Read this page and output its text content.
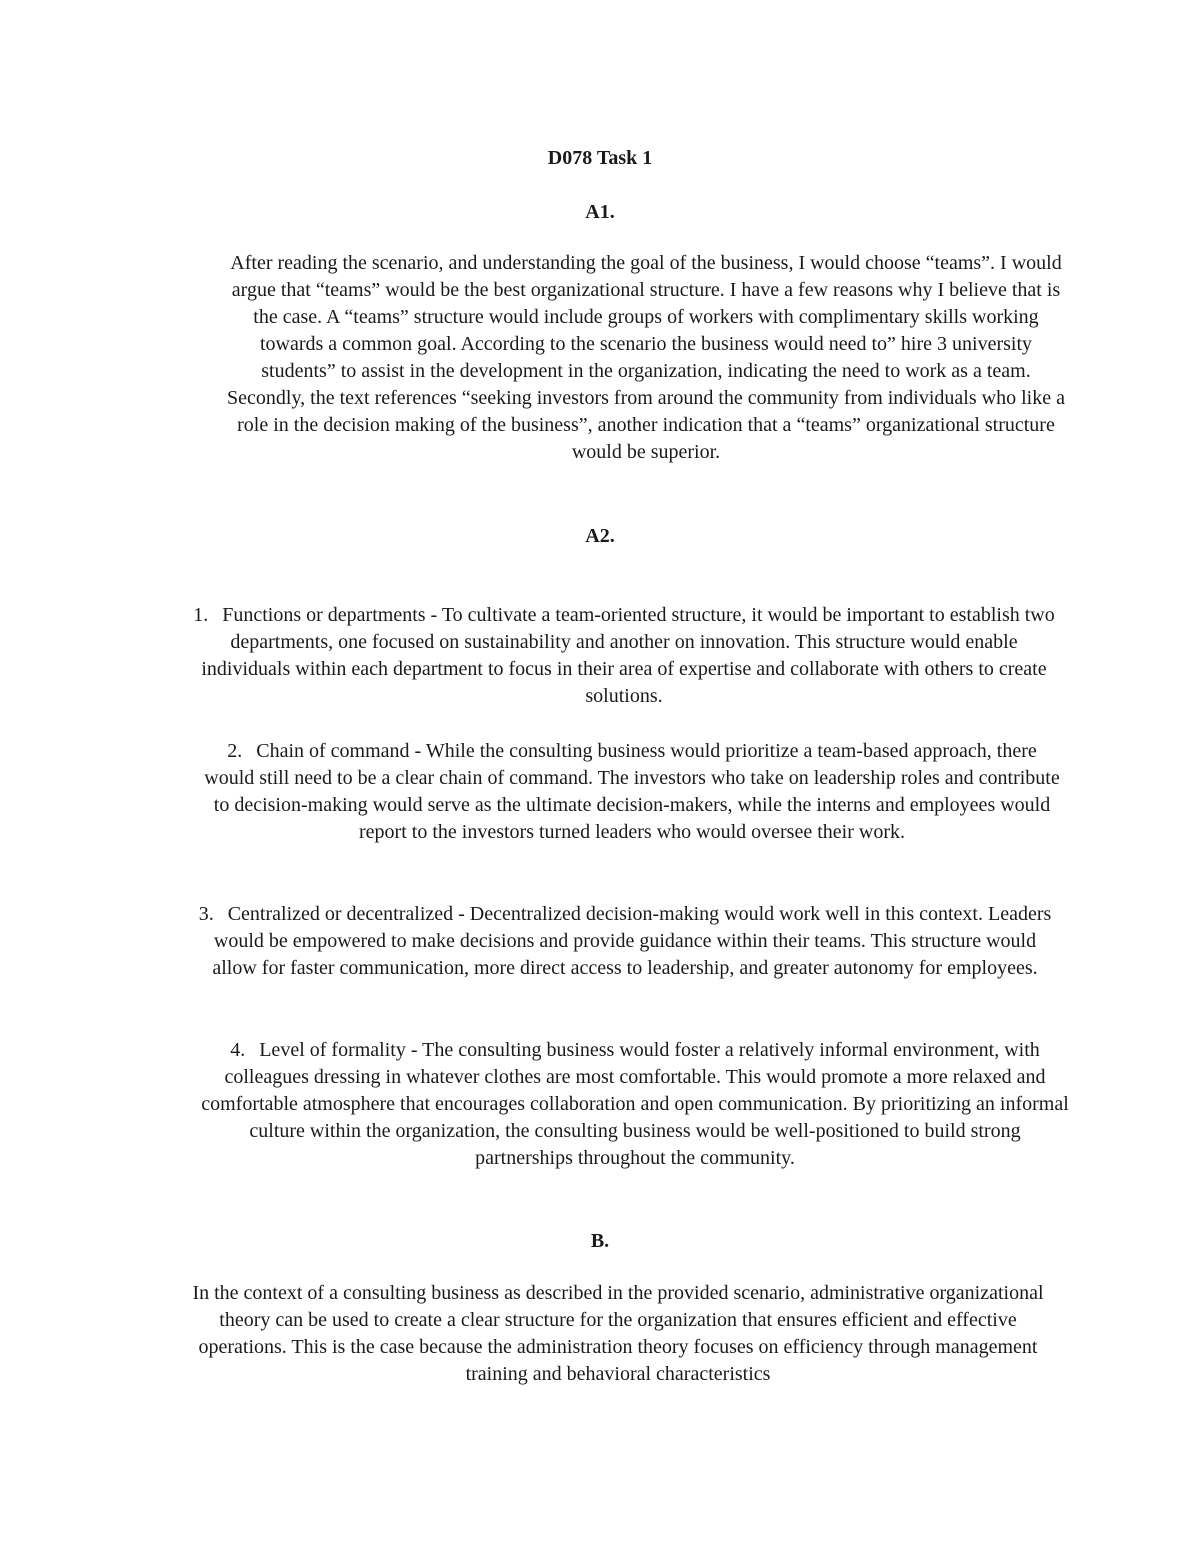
D078 Task 1
A1.

After reading the scenario, and understanding the goal of the business, I would choose “teams”. I would argue that “teams” would be the best organizational structure. I have a few reasons why I believe that is the case. A “teams” structure would include groups of workers with complimentary skills working towards a common goal. According to the scenario the business would need to” hire 3 university students” to assist in the development in the organization, indicating the need to work as a team. Secondly, the text references “seeking investors from around the community from individuals who like a role in the decision making of the business”, another indication that a “teams” organizational structure would be superior.

A2.

1. Functions or departments - To cultivate a team-oriented structure, it would be important to establish two departments, one focused on sustainability and another on innovation. This structure would enable individuals within each department to focus in their area of expertise and collaborate with others to create solutions.

2. Chain of command - While the consulting business would prioritize a team-based approach, there would still need to be a clear chain of command. The investors who take on leadership roles and contribute to decision-making would serve as the ultimate decision-makers, while the interns and employees would report to the investors turned leaders who would oversee their work.

3. Centralized or decentralized - Decentralized decision-making would work well in this context. Leaders would be empowered to make decisions and provide guidance within their teams. This structure would allow for faster communication, more direct access to leadership, and greater autonomy for employees.

4. Level of formality - The consulting business would foster a relatively informal environment, with colleagues dressing in whatever clothes are most comfortable. This would promote a more relaxed and comfortable atmosphere that encourages collaboration and open communication. By prioritizing an informal culture within the organization, the consulting business would be well-positioned to build strong partnerships throughout the community.

B.

In the context of a consulting business as described in the provided scenario, administrative organizational theory can be used to create a clear structure for the organization that ensures efficient and effective operations. This is the case because the administration theory focuses on efficiency through management training and behavioral characteristics
